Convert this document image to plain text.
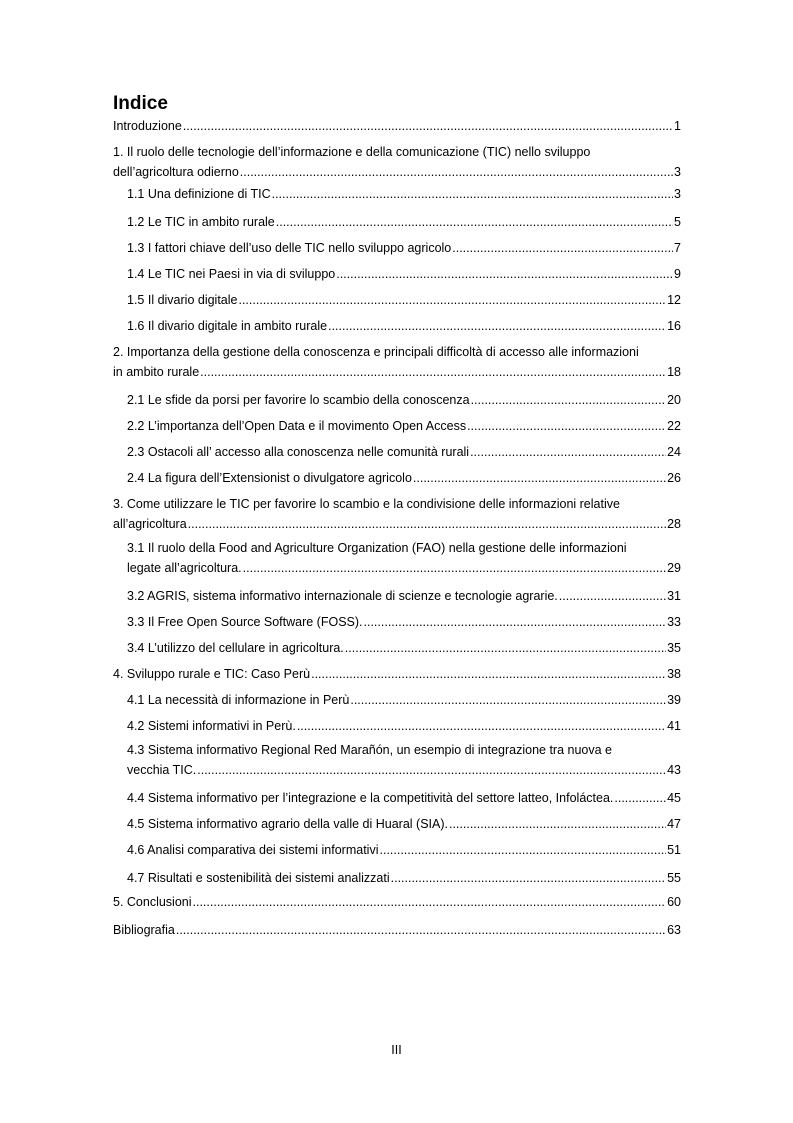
Indice
Introduzione .....	1
1. Il ruolo delle tecnologie dell’informazione e della comunicazione (TIC) nello sviluppo
dell’agricoltura odierno .....	3
1.1 Una definizione di TIC .....	3
1.2 Le TIC in ambito rurale .....	5
1.3 I fattori chiave dell’uso delle TIC nello sviluppo agricolo .....	7
1.4 Le TIC nei Paesi in via di sviluppo .....	9
1.5 Il divario digitale .....	12
1.6 Il divario digitale in ambito rurale .....	16
2. Importanza della gestione della conoscenza e principali difficoltà di accesso alle informazioni
in ambito rurale .....	18
2.1 Le sfide da porsi per favorire lo scambio della conoscenza .....	20
2.2 L’importanza dell’Open Data e il movimento Open Access .....	22
2.3 Ostacoli all’ accesso alla conoscenza nelle comunità rurali .....	24
2.4 La figura dell’Extensionist o divulgatore agricolo .....	26
3. Come utilizzare le TIC per favorire lo scambio e la condivisione delle informazioni relative
all’agricoltura .....	28
3.1 Il ruolo della Food and Agriculture Organization (FAO) nella gestione delle informazioni
legate all’agricoltura. .....	29
3.2 AGRIS, sistema informativo internazionale di scienze e tecnologie agrarie. .....	31
3.3 Il Free Open Source Software (FOSS). .....	33
3.4 L’utilizzo del cellulare in agricoltura. .....	35
4. Sviluppo rurale e TIC: Caso Perù .....	38
4.1 La necessità di informazione in Perù .....	39
4.2 Sistemi informativi in Perù. .....	41
4.3 Sistema informativo Regional Red Marañón, un esempio di integrazione tra nuova e
vecchia TIC. .....	43
4.4 Sistema informativo per l’integrazione e la competitività del settore latteo, Infoláctea. .....	45
4.5 Sistema informativo agrario della valle di Huaral (SIA). .....	47
4.6 Analisi comparativa dei sistemi informativi .....	51
4.7 Risultati e sostenibilità dei sistemi analizzati .....	55
5. Conclusioni .....	60
Bibliografia .....	63
III
